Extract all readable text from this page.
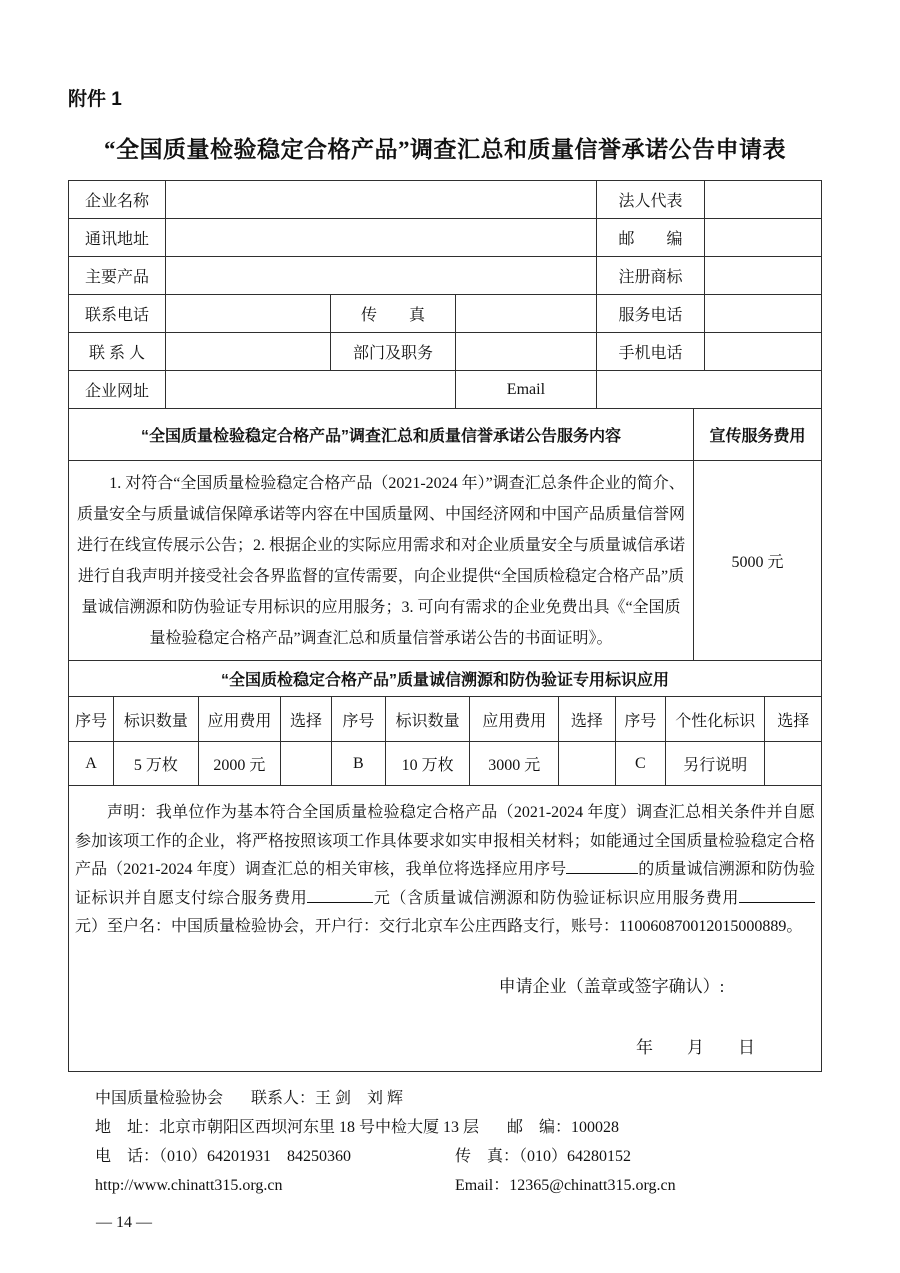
附件 1
“全国质量检验稳定合格产品”调查汇总和质量信誉承诺公告申请表
企业名称				法人代表	
通讯地址				邮　　编	
主要产品				注册商标	
联系电话		传　　真		服务电话	
联 系 人		部门及职务		手机电话	
企业网址			Email		
“全国质量检验稳定合格产品”调查汇总和质量信誉承诺公告服务内容	宣传服务费用
1. 对符合“全国质量检验稳定合格产品（2021-2024 年）”调查汇总条件企业的简介、质量安全与质量诚信保障承诺等内容在中国质量网、中国经济网和中国产品质量信誉网进行在线宣传展示公告；2. 根据企业的实际应用需求和对企业质量安全与质量诚信承诺进行自我声明并接受社会各界监督的宣传需要，向企业提供“全国质检稳定合格产品”质量诚信溯源和防伪验证专用标识的应用服务；3. 可向有需求的企业免费出具《“全国质量检验稳定合格产品”调查汇总和质量信誉承诺公告的书面证明》。	5000 元
“全国质检稳定合格产品”质量诚信溯源和防伪验证专用标识应用										
序号	标识数量	应用费用	选择	序号	标识数量	应用费用	选择	序号	个性化标识	选择
A	5 万枚	2000 元		B	10 万枚	3000 元		C	另行说明	

声明：我单位作为基本符合全国质量检验稳定合格产品（2021-2024 年度）调查汇总相关条件并自愿参加该项工作的企业，将严格按照该项工作具体要求如实申报相关材料；如能通过全国质量检验稳定合格产品（2021-2024 年度）调查汇总的相关审核，我单位将选择应用序号	的质量诚信溯源和防伪验证标识并自愿支付综合服务费用	元（含质量诚信溯源和防伪验证标识应用服务费用元）至户名：中国质量检验协会，开户行：交行北京车公庄西路支行，账号：110060870012015000889。

申请企业（盖章或签字确认）:
年　　月　　日
中国质量检验协会	联系人：王 剑　刘 辉
地　址：北京市朝阳区西坝河东里 18 号中检大厦 13 层 邮　编：100028
电　话：（010）64201931　84250360	传　真：（010）64280152
http://www.chinatt315.org.cn	Email：12365@chinatt315.org.cn
— 14 —
